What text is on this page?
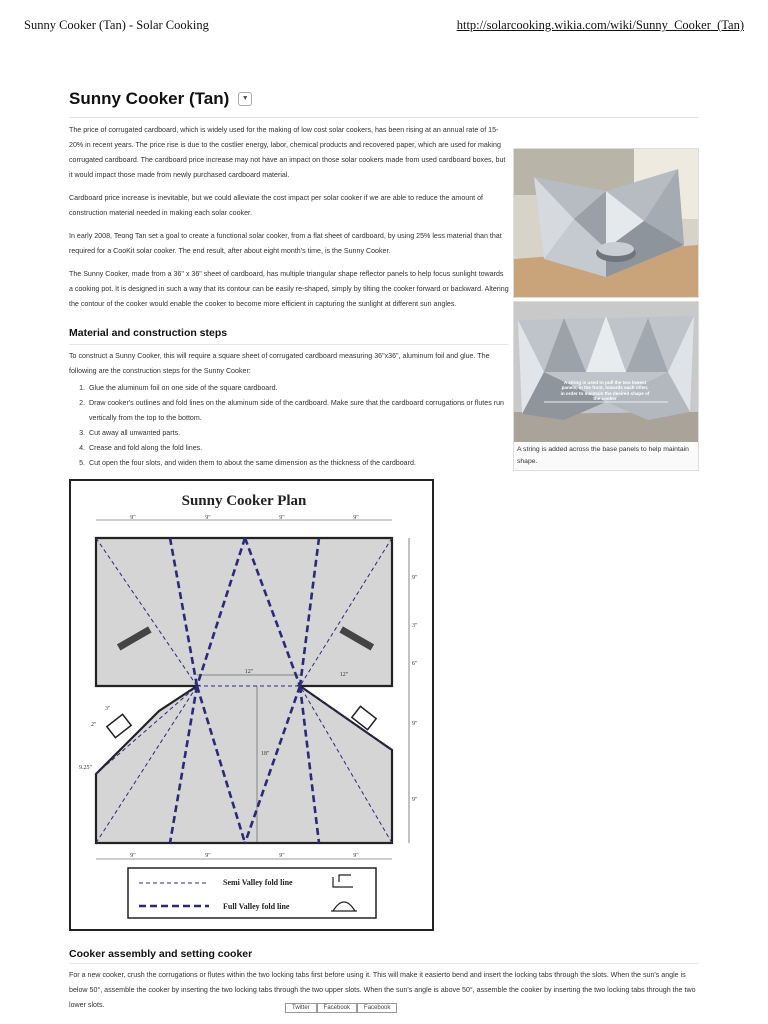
Sunny Cooker (Tan) - Solar Cooking	http://solarcooking.wikia.com/wiki/Sunny_Cooker_(Tan)
Sunny Cooker (Tan)	▼

The price of corrugated cardboard, which is widely used for the making of low cost solar cookers, has been rising at an annual rate of 15-20% in recent years. The price rise is due to the costlier energy, labor, chemical products and recovered paper, which are used for making corrugated cardboard. The cardboard price increase may not have an impact on those solar cookers made from used cardboard boxes, but it would impact those made from newly purchased cardboard material.

Cardboard price increase is inevitable, but we could alleviate the cost impact per solar cooker if we are able to reduce the amount of construction material needed in making each solar cooker.

In early 2008, Teong Tan set a goal to create a functional solar cooker, from a flat sheet of cardboard, by using 25% less material than that required for a CooKit solar cooker. The end result, after about eight month's time, is the Sunny Cooker.

The Sunny Cooker, made from a 36" x 36" sheet of cardboard, has multiple triangular shape reflector panels to help focus sunlight towards a cooking pot. It is designed in such a way that its contour can be easily re-shaped, simply by tilting the cooker forward or backward. Altering the contour of the cooker would enable the cooker to become more efficient in capturing the sunlight at different sun angles.

Material and construction steps

To construct a Sunny Cooker, this will require a square sheet of corrugated cardboard measuring 36"x36", aluminum foil and glue. The following are the construction steps for the Sunny Cooker:

1. Glue the aluminum foil on one side of the square cardboard.
2. Draw cooker's outlines and fold lines on the aluminum side of the cardboard. Make sure that the cardboard corrugations or flutes run vertically from the top to the bottom.
3. Cut away all unwanted parts.
4. Crease and fold along the fold lines.
5. Cut open the four slots, and widen them to about the same dimension as the thickness of the cardboard.
A string is used to pull the two lowest panels, in the front, towards each other, in order to maintain the desired shape of the cooker
A string is added across the base panels to help maintain shape.
Sunny Cooker Plan
9"	9"	9"	9"
12"	12"
18"
3"
2"
9.25"
9"
3"
6"
9"
9"
9"	9"	9"	9"
Semi Valley fold line
Full Valley fold line
Cooker assembly and setting cooker

For a new cooker, crush the corrugations or flutes within the two locking tabs first before using it. This will make it easierto bend and insert the locking tabs through the slots. When the sun's angle is below 50°, assemble the cooker by inserting the two locking tabs through the two upper slots. When the sun's angle is above 50°, assemble the cooker by inserting the two locking tabs through the two lower slots.	Twitter	Facebook	Facebook
